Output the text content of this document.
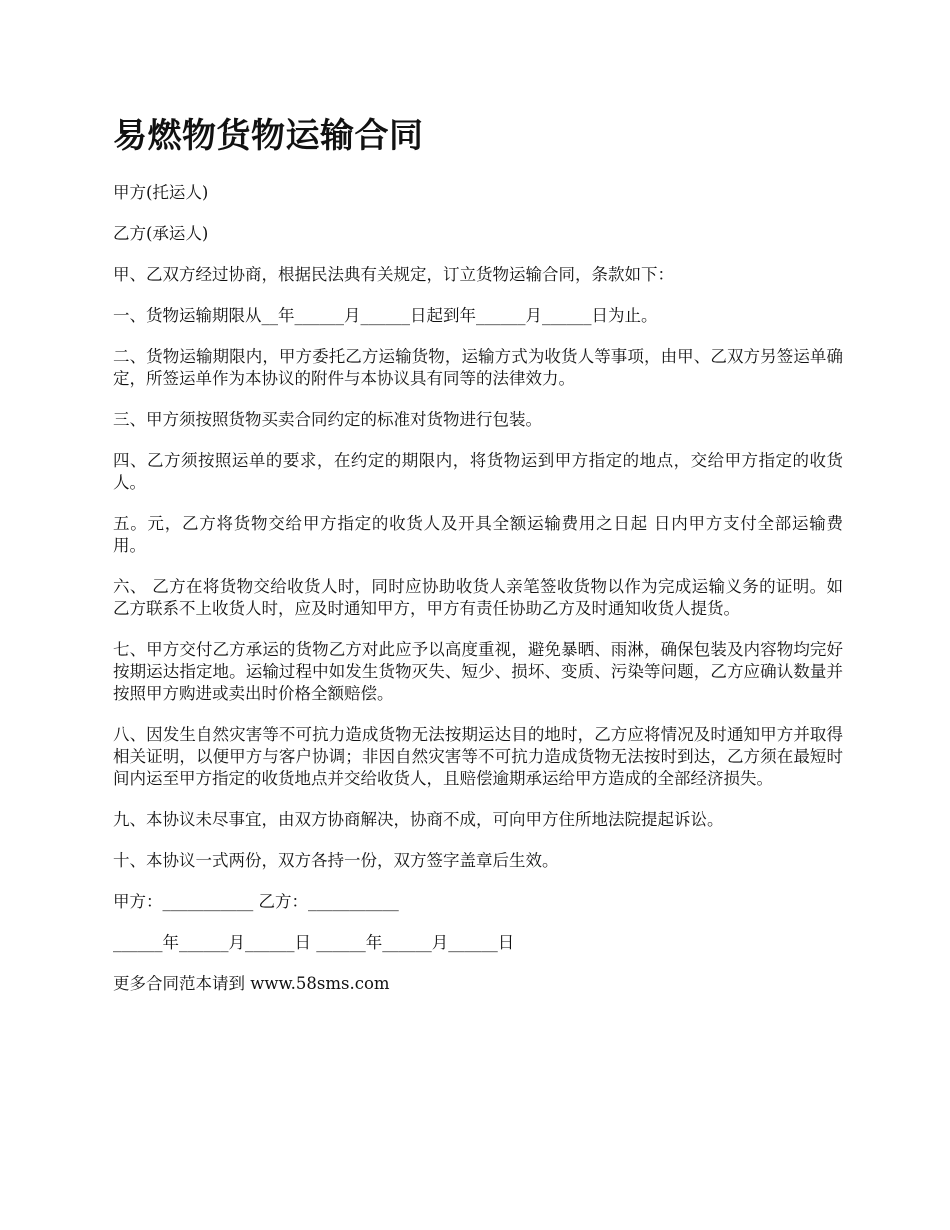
易燃物货物运输合同

甲方(托运人)

乙方(承运人)

甲、乙双方经过协商，根据民法典有关规定，订立货物运输合同，条款如下：

一、货物运输期限从__年______月______日起到年______月______日为止。

二、货物运输期限内，甲方委托乙方运输货物，运输方式为收货人等事项，由甲、乙双方另签运单确定，所签运单作为本协议的附件与本协议具有同等的法律效力。

三、甲方须按照货物买卖合同约定的标准对货物进行包装。

四、乙方须按照运单的要求，在约定的期限内，将货物运到甲方指定的地点，交给甲方指定的收货人。

五。元，乙方将货物交给甲方指定的收货人及开具全额运输费用之日起 日内甲方支付全部运输费用。

六、 乙方在将货物交给收货人时，同时应协助收货人亲笔签收货物以作为完成运输义务的证明。如乙方联系不上收货人时，应及时通知甲方，甲方有责任协助乙方及时通知收货人提货。

七、甲方交付乙方承运的货物乙方对此应予以高度重视，避免暴晒、雨淋，确保包装及内容物均完好按期运达指定地。运输过程中如发生货物灭失、短少、损坏、变质、污染等问题，乙方应确认数量并按照甲方购进或卖出时价格全额赔偿。

八、因发生自然灾害等不可抗力造成货物无法按期运达目的地时，乙方应将情况及时通知甲方并取得相关证明，以便甲方与客户协调；非因自然灾害等不可抗力造成货物无法按时到达，乙方须在最短时间内运至甲方指定的收货地点并交给收货人，且赔偿逾期承运给甲方造成的全部经济损失。

九、本协议未尽事宜，由双方协商解决，协商不成，可向甲方住所地法院提起诉讼。

十、本协议一式两份，双方各持一份，双方签字盖章后生效。

甲方：___________ 乙方：___________

______年______月______日 ______年______月______日

更多合同范本请到 www.58sms.com
